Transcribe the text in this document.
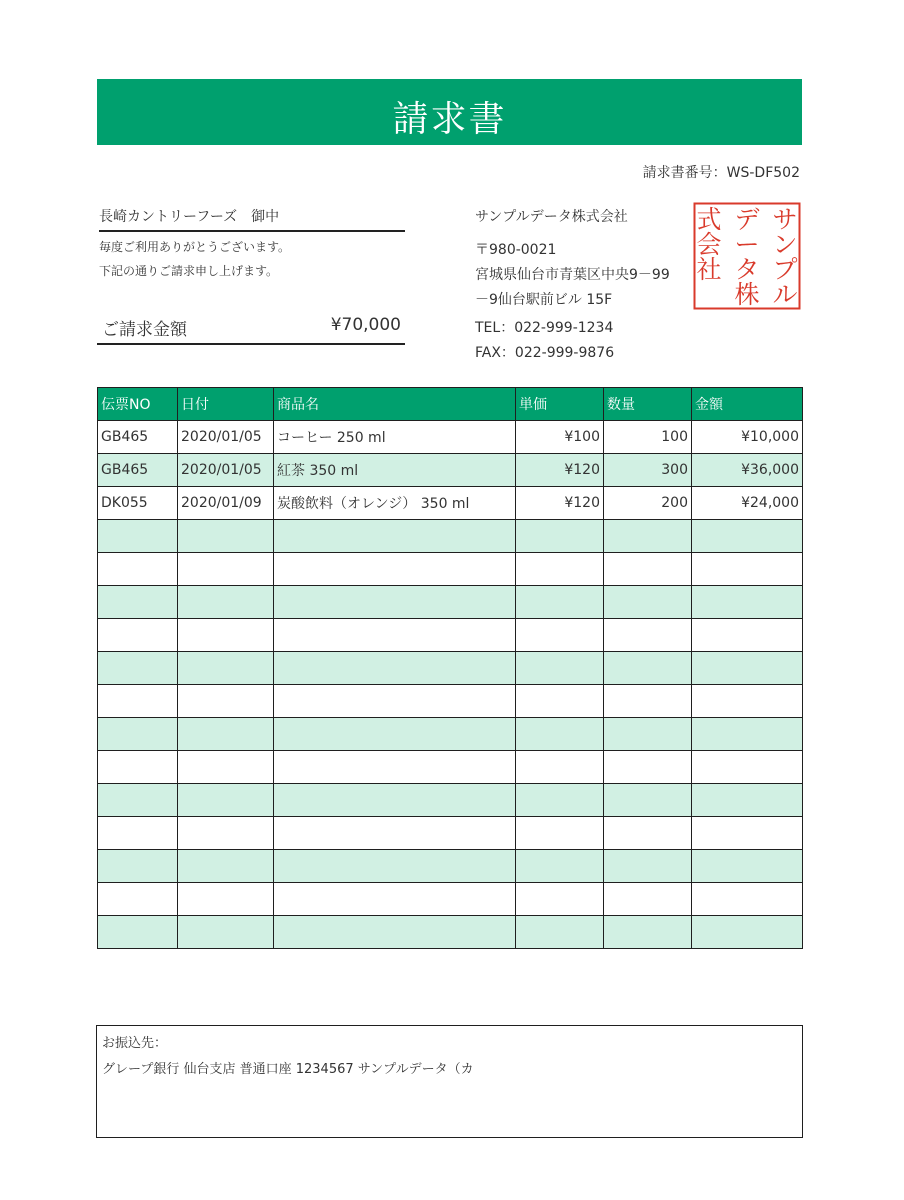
請求書
請求書番号：WS-DF502
長崎カントリーフーズ　御中
毎度ご利用ありがとうございます。
下記の通りご請求申し上げます。
ご請求金額	¥70,000
サンプルデータ株式会社
〒980-0021
宮城県仙台市青葉区中央9－99
－9仙台駅前ビル 15F
TEL：022-999-1234
FAX：022-999-9876
サ
ン
プ
ル
デ
ー
タ
株
式
会
社
伝票NO	日付	商品名	単価	数量	金額
GB465	2020/01/05	コーヒー 250 ml	¥100	100	¥10,000
GB465	2020/01/05	紅茶 350 ml	¥120	300	¥36,000
DK055	2020/01/09	炭酸飲料（オレンジ） 350 ml	¥120	200	¥24,000

お振込先：
グレープ銀行 仙台支店 普通口座 1234567 サンプルデータ（カ
